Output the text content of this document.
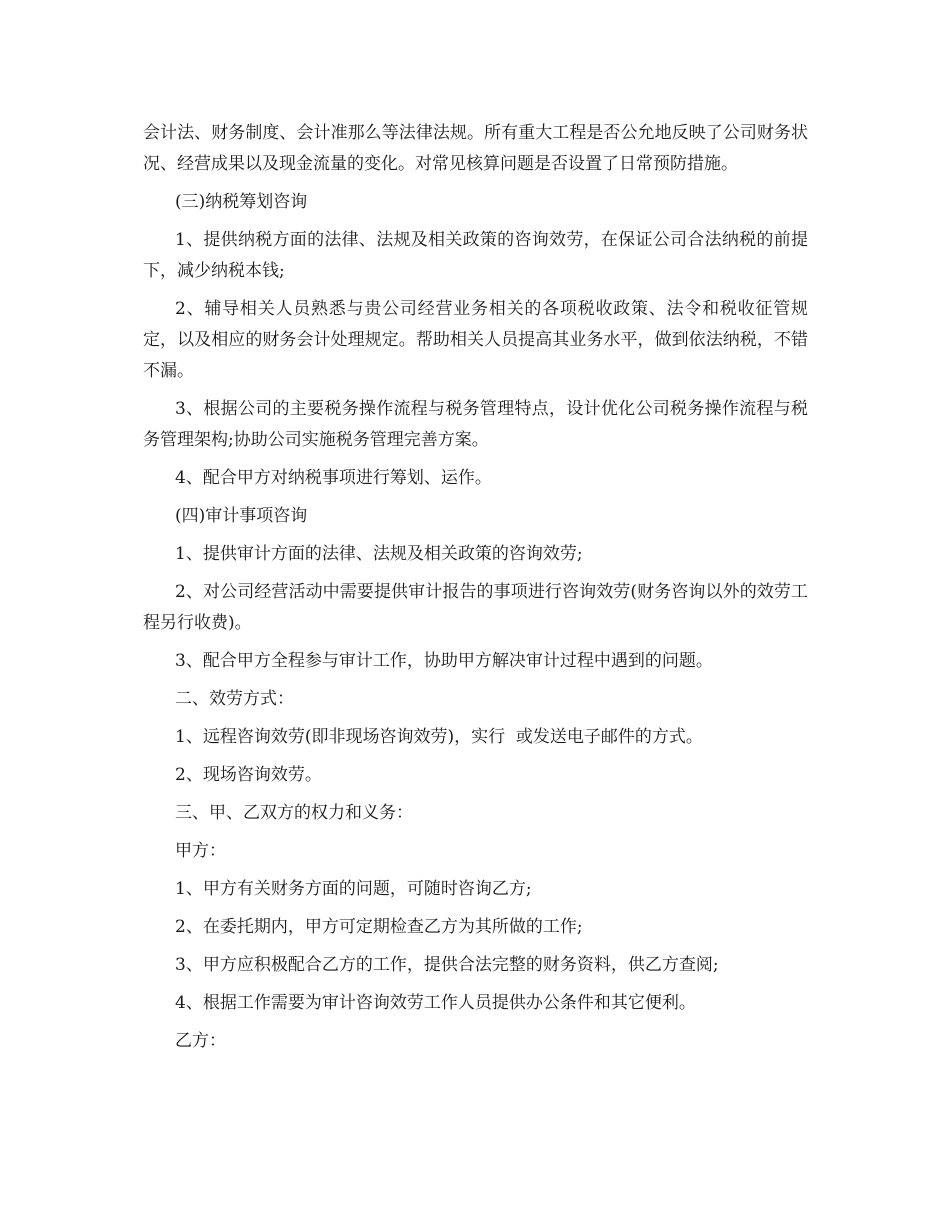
会计法、财务制度、会计准那么等法律法规。所有重大工程是否公允地反映了公司财务状况、经营成果以及现金流量的变化。对常见核算问题是否设置了日常预防措施。

(三)纳税筹划咨询

1、提供纳税方面的法律、法规及相关政策的咨询效劳，在保证公司合法纳税的前提下，减少纳税本钱;

2、辅导相关人员熟悉与贵公司经营业务相关的各项税收政策、法令和税收征管规定，以及相应的财务会计处理规定。帮助相关人员提高其业务水平，做到依法纳税，不错不漏。

3、根据公司的主要税务操作流程与税务管理特点，设计优化公司税务操作流程与税务管理架构;协助公司实施税务管理完善方案。

4、配合甲方对纳税事项进行筹划、运作。

(四)审计事项咨询

1、提供审计方面的法律、法规及相关政策的咨询效劳;

2、对公司经营活动中需要提供审计报告的事项进行咨询效劳(财务咨询以外的效劳工程另行收费)。

3、配合甲方全程参与审计工作，协助甲方解决审计过程中遇到的问题。

二、效劳方式：

1、远程咨询效劳(即非现场咨询效劳)，实行  或发送电子邮件的方式。

2、现场咨询效劳。

三、甲、乙双方的权力和义务：

甲方：

1、甲方有关财务方面的问题，可随时咨询乙方;

2、在委托期内，甲方可定期检查乙方为其所做的工作;

3、甲方应积极配合乙方的工作，提供合法完整的财务资料，供乙方查阅;

4、根据工作需要为审计咨询效劳工作人员提供办公条件和其它便利。

乙方：
